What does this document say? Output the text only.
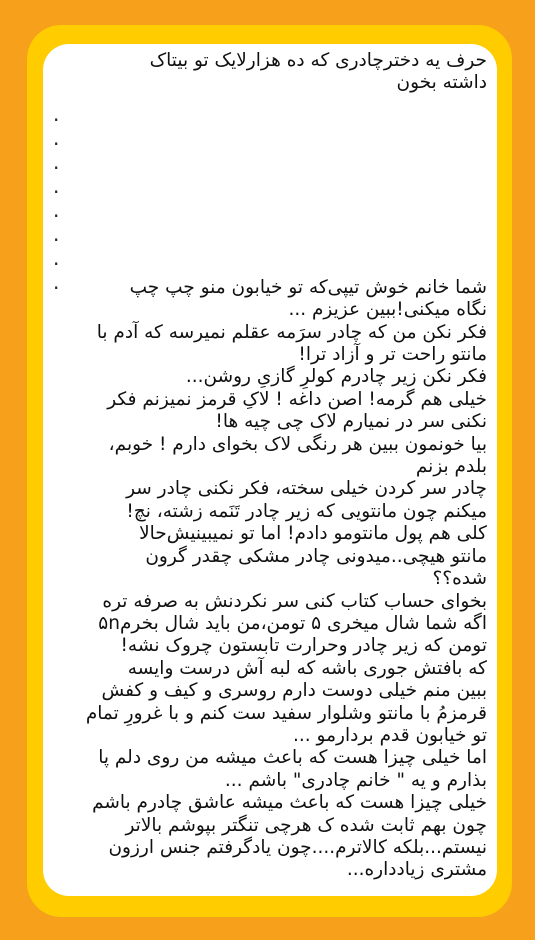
حرف یه دخترچادری که ده هزارلایک تو بیتاک
داشته بخون
شما خانم خوش تیپی‌که تو خیابون منو چپ چپ
نگاه میکنی!ببین عزیزم ...
فکر نکن من که چادر سرَمه عقلم نمیرسه که آدم با
مانتو راحت تر و آزاد ترا!
فکر نکن زیر چادرم کولرِ گازیِ روشن...
خیلی هم گرمه! اصن داغه ! لاکِ قرمز نمیزنم فکر
نکنی سر در نمیارم لاک چی چیه ها!
بیا خونمون ببین هر رنگی لاک بخوای دارم ! خوبم،
بلدم بزنم
چادر سر کردن خیلی سخته، فکر نکنی چادر سر
میکنم چون مانتویی که زیر چادر تَنَمه زشته، نچ!
کلی هم پول مانتومو دادم! اما تو نمیبینیش‌حالا
مانتو هیچی..میدونی چادر مشکی چقدر گرون
شده؟؟
بخوای حساب کتاب کنی سر نکردنش به صرفه تره
اگه شما شال میخری ۵ تومن،من باید شال بخرم۵n
تومن که زیر چادر وحرارت تابستون چروک نشه!
که بافتش جوری باشه که لبه آش درست وایسه
ببین منم خیلی دوست دارم روسری و کیف و کفش
قرمزمُ با مانتو وشلوار سفید ست کنم و با غرورِ تمام
تو خیابون قدم بردارمو ...
اما خیلی چیزا هست که باعث میشه من روی دلم پا
بذارم و یه " خانم چادری" باشم ...
خیلی چیزا هست که باعث میشه عاشق چادرم باشم
چون بهم ثابت شده ک هرچی تنگتر بپوشم بالاتر
نیستم...بلکه کالاترم....چون یادگرفتم جنس ارزون
مشتری زیادداره...
.
.
.
.
.
.
.
.
